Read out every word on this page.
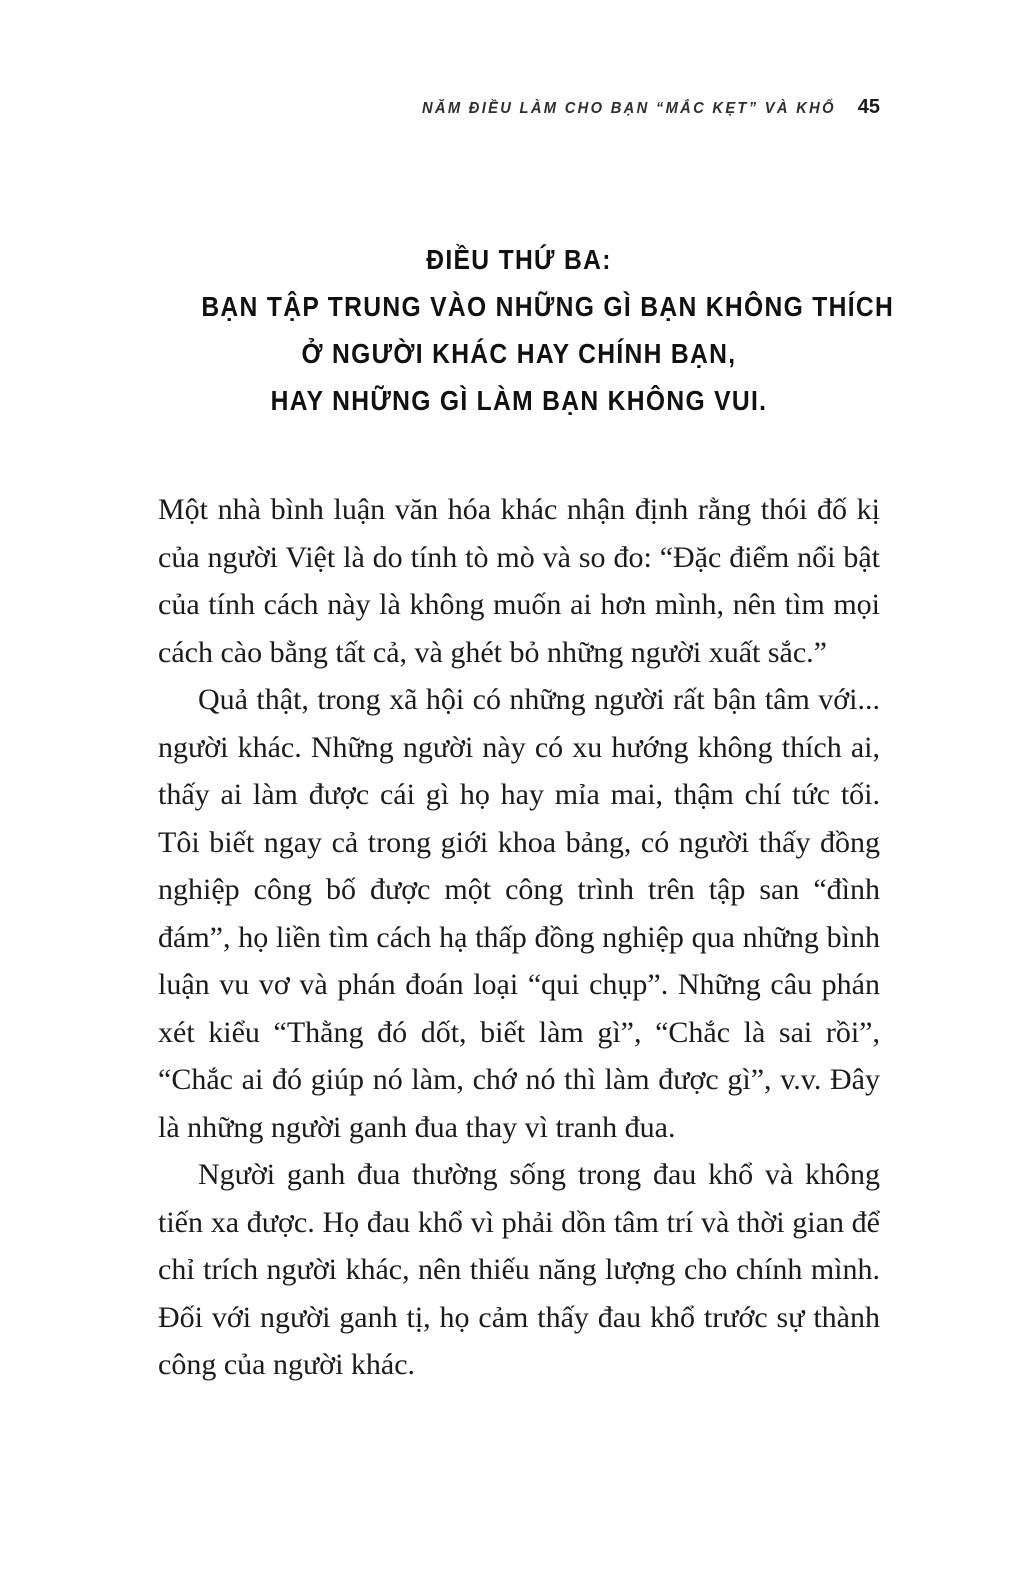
NĂM ĐIỀU LÀM CHO BẠN “MẮC KẸT” VÀ KHỔ 45
ĐIỀU THỨ BA:
BẠN TẬP TRUNG VÀO NHỮNG GÌ BẠN KHÔNG THÍCH
Ở NGƯỜI KHÁC HAY CHÍNH BẠN,
HAY NHỮNG GÌ LÀM BẠN KHÔNG VUI.

Một nhà bình luận văn hóa khác nhận định rằng thói đố kị của người Việt là do tính tò mò và so đo: “Đặc điểm nổi bật của tính cách này là không muốn ai hơn mình, nên tìm mọi cách cào bằng tất cả, và ghét bỏ những người xuất sắc.”

Quả thật, trong xã hội có những người rất bận tâm với... người khác. Những người này có xu hướng không thích ai, thấy ai làm được cái gì họ hay mỉa mai, thậm chí tức tối. Tôi biết ngay cả trong giới khoa bảng, có người thấy đồng nghiệp công bố được một công trình trên tập san “đình đám”, họ liền tìm cách hạ thấp đồng nghiệp qua những bình luận vu vơ và phán đoán loại “qui chụp”. Những câu phán xét kiểu “Thằng đó dốt, biết làm gì”, “Chắc là sai rồi”, “Chắc ai đó giúp nó làm, chớ nó thì làm được gì”, v.v. Đây là những người ganh đua thay vì tranh đua.

Người ganh đua thường sống trong đau khổ và không tiến xa được. Họ đau khổ vì phải dồn tâm trí và thời gian để chỉ trích người khác, nên thiếu năng lượng cho chính mình. Đối với người ganh tị, họ cảm thấy đau khổ trước sự thành công của người khác.
